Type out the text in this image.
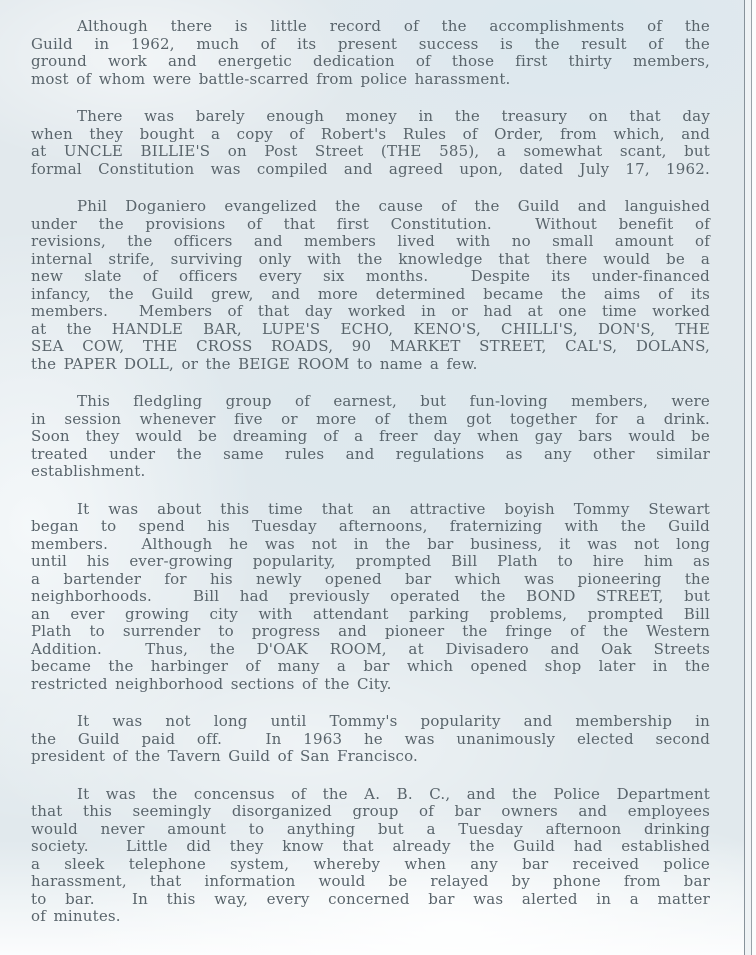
Although there is little record of the accomplishments of the
Guild in 1962, much of its present success is the result of the
ground work and energetic dedication of those first thirty members,
most of whom were battle-scarred from police harassment.
There was barely enough money in the treasury on that day
when they bought a copy of Robert's Rules of Order, from which, and
at UNCLE BILLIE'S on Post Street (THE 585), a somewhat scant, but
formal Constitution was compiled and agreed upon, dated July 17, 1962.
Phil Doganiero evangelized the cause of the Guild and languished
under the provisions of that first Constitution.  Without benefit of
revisions, the officers and members lived with no small amount of
internal strife, surviving only with the knowledge that there would be a
new slate of officers every six months.  Despite its under-financed
infancy, the Guild grew, and more determined became the aims of its
members.  Members of that day worked in or had at one time worked
at the HANDLE BAR, LUPE'S ECHO, KENO'S, CHILLI'S, DON'S, THE
SEA COW, THE CROSS ROADS, 90 MARKET STREET, CAL'S, DOLANS,
the PAPER DOLL, or the BEIGE ROOM to name a few.
This fledgling group of earnest, but fun-loving members, were
in session whenever five or more of them got together for a drink.
Soon they would be dreaming of a freer day when gay bars would be
treated under the same rules and regulations as any other similar
establishment.
It was about this time that an attractive boyish Tommy Stewart
began to spend his Tuesday afternoons, fraternizing with the Guild
members.  Although he was not in the bar business, it was not long
until his ever-growing popularity, prompted Bill Plath to hire him as
a bartender for his newly opened bar which was pioneering the
neighborhoods.  Bill had previously operated the BOND STREET, but
an ever growing city with attendant parking problems, prompted Bill
Plath to surrender to progress and pioneer the fringe of the Western
Addition.  Thus, the D'OAK ROOM, at Divisadero and Oak Streets
became the harbinger of many a bar which opened shop later in the
restricted neighborhood sections of the City.
It was not long until Tommy's popularity and membership in
the Guild paid off.  In 1963 he was unanimously elected second
president of the Tavern Guild of San Francisco.
It was the concensus of the A. B. C., and the Police Department
that this seemingly disorganized group of bar owners and employees
would never amount to anything but a Tuesday afternoon drinking
society.  Little did they know that already the Guild had established
a sleek telephone system, whereby when any bar received police
harassment, that information would be relayed by phone from bar
to bar.  In this way, every concerned bar was alerted in a matter
of minutes.
